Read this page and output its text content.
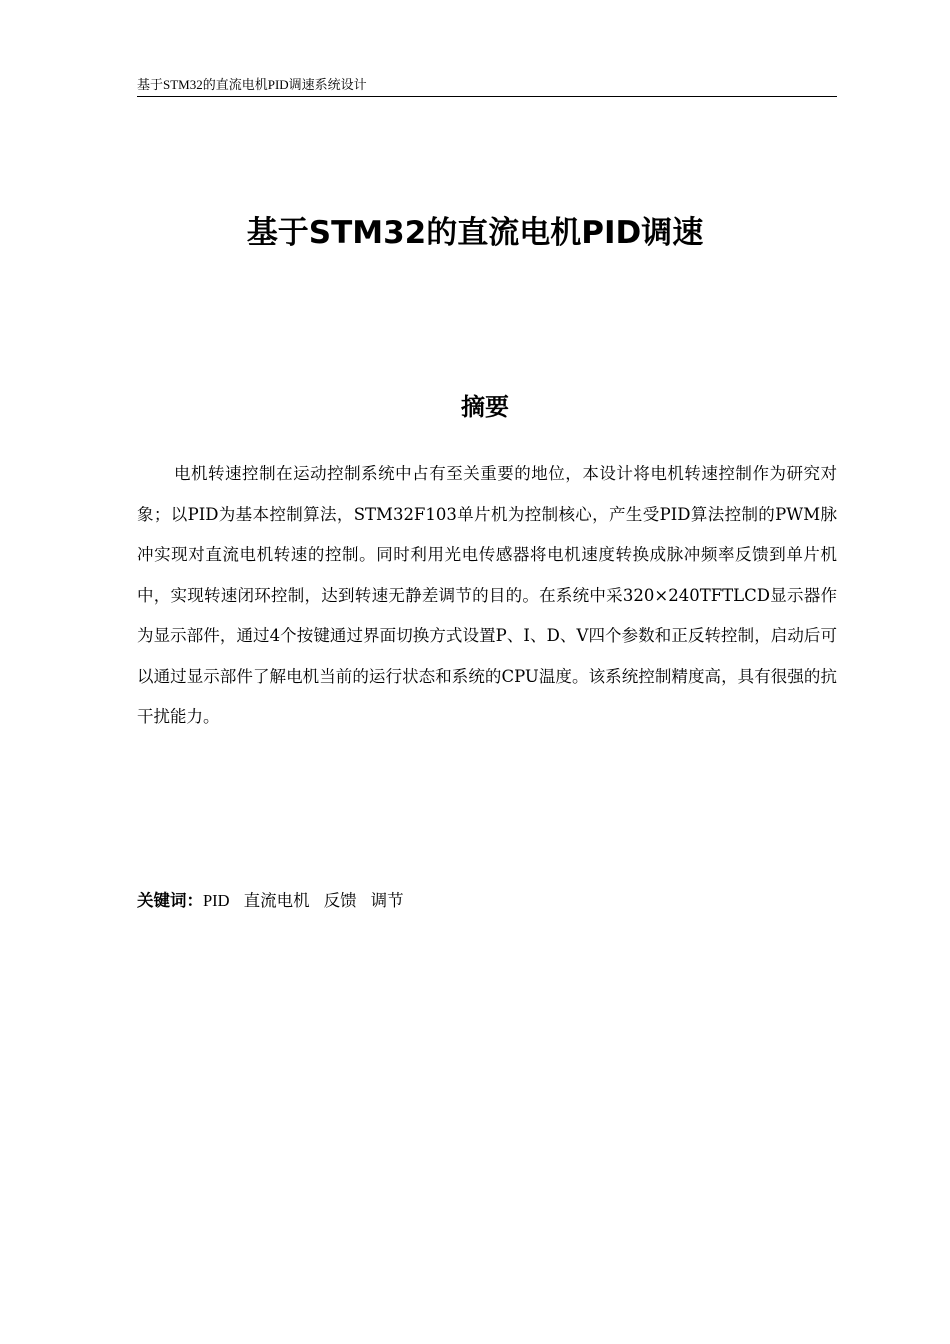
基于STM32的直流电机PID调速系统设计
基于STM32的直流电机PID调速
摘要

电机转速控制在运动控制系统中占有至关重要的地位，本设计将电机转速控制作为研究对象；以PID为基本控制算法，STM32F103单片机为控制核心，产生受PID算法控制的PWM脉冲实现对直流电机转速的控制。同时利用光电传感器将电机速度转换成脉冲频率反馈到单片机中，实现转速闭环控制，达到转速无静差调节的目的。在系统中采320×240TFTLCD显示器作为显示部件，通过4个按键通过界面切换方式设置P、I、D、V四个参数和正反转控制，启动后可以通过显示部件了解电机当前的运行状态和系统的CPU温度。该系统控制精度高，具有很强的抗干扰能力。

关键词：PID 直流电机 反馈 调节
